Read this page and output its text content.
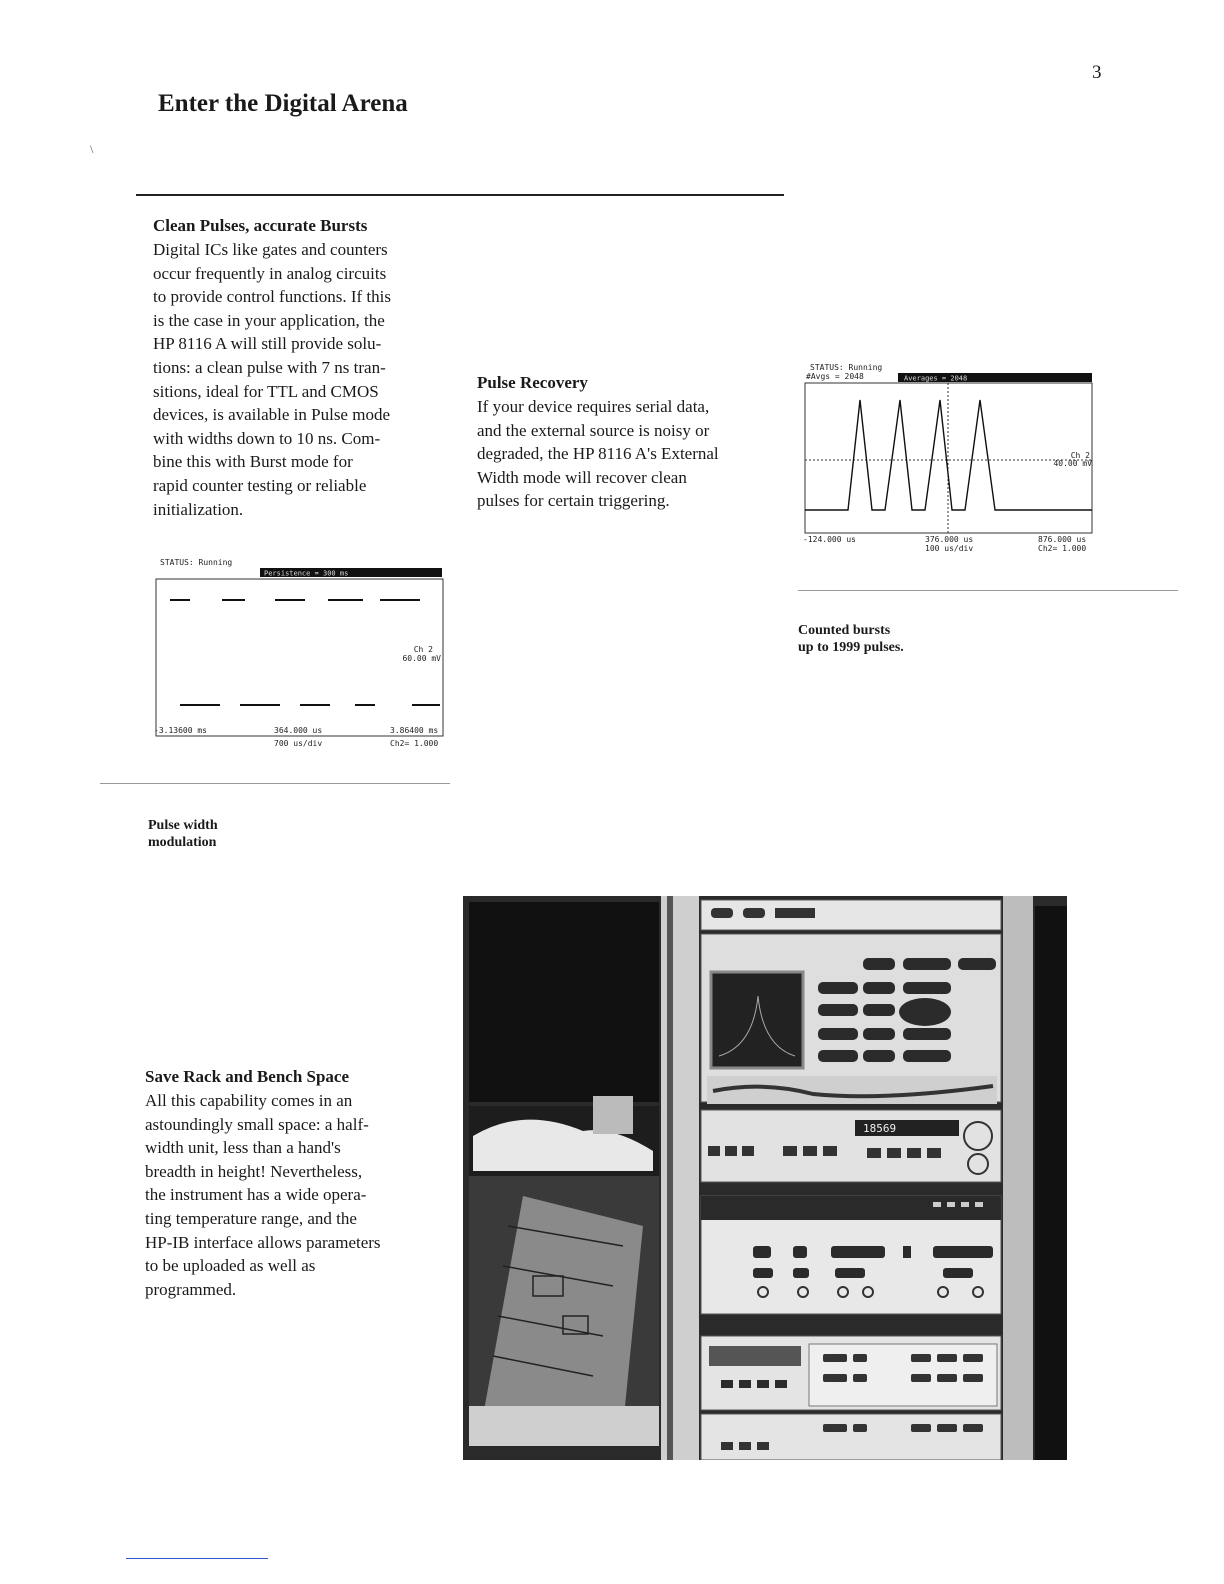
3
Enter the Digital Arena
\
Clean Pulses, accurate Bursts
Digital ICs like gates and counters
occur frequently in analog circuits
to provide control functions. If this
is the case in your application, the
HP 8116 A will still provide solu-
tions: a clean pulse with 7 ns tran-
sitions, ideal for TTL and CMOS
devices, is available in Pulse mode
with widths down to 10 ns. Com-
bine this with Burst mode for
rapid counter testing or reliable
initialization.
Pulse Recovery
If your device requires serial data,
and the external source is noisy or
degraded, the HP 8116 A's External
Width mode will recover clean
pulses for certain triggering.
STATUS: Running
Persistence = 300 ms
Ch 2
60.00 mV
-3.13600 ms	364.000 us	3.86400 ms
700 us/div	Ch2= 1.000
Pulse width
modulation
STATUS: Running
#Avgs = 2048	Averages = 2048
Ch 2
40.00 mV
-124.000 us	376.000 us	876.000 us
100 us/div	Ch2= 1.000
Counted bursts
up to 1999 pulses.
Save Rack and Bench Space
All this capability comes in an
astoundingly small space: a half-
width unit, less than a hand's
breadth in height! Nevertheless,
the instrument has a wide opera-
ting temperature range, and the
HP-IB interface allows parameters
to be uploaded as well as
programmed.
18569
